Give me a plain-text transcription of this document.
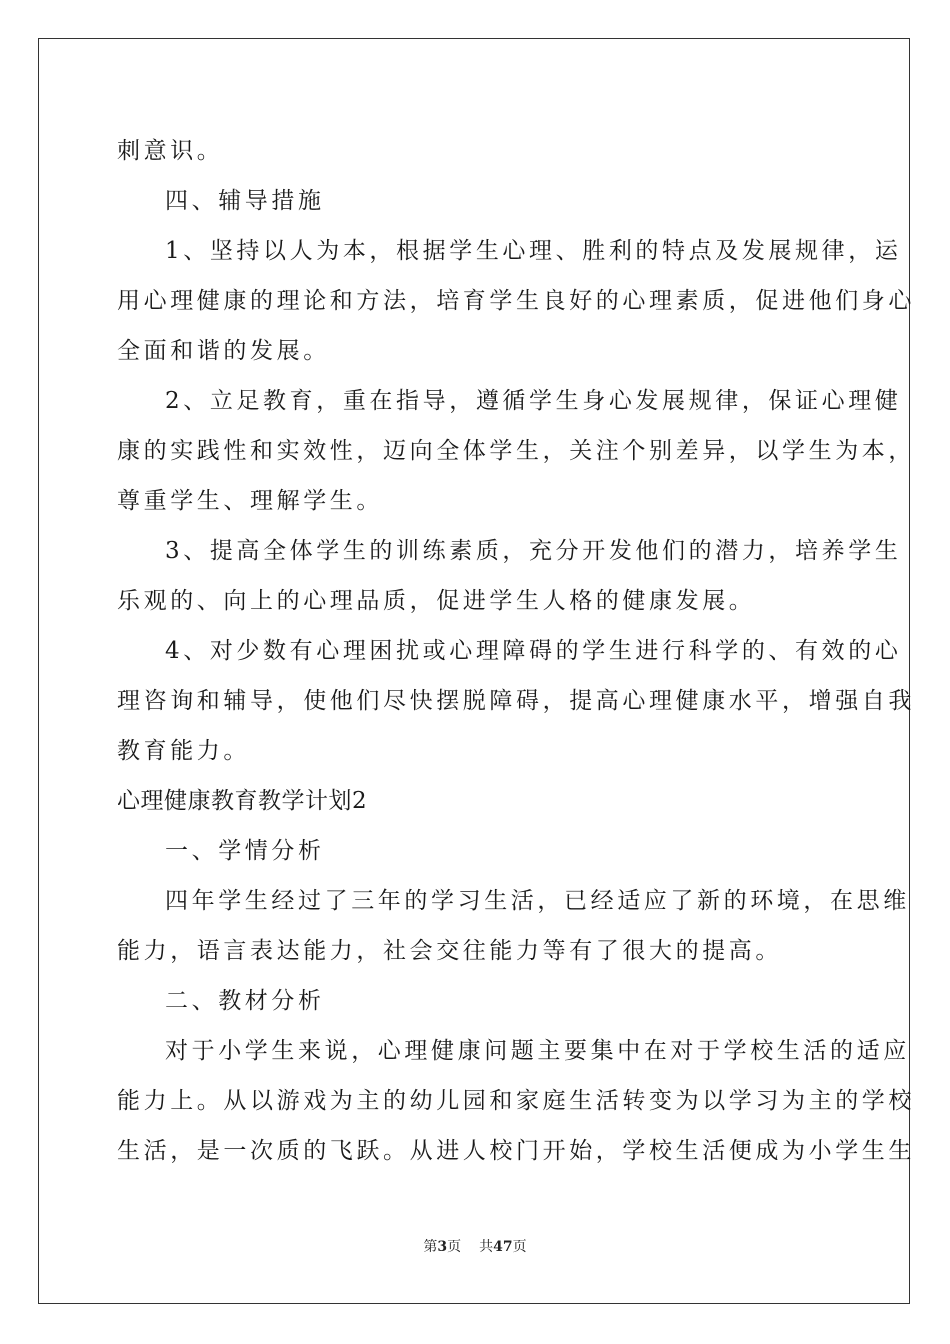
刺意识。
四、辅导措施
1、坚持以人为本，根据学生心理、胜利的特点及发展规律，运
用心理健康的理论和方法，培育学生良好的心理素质，促进他们身心
全面和谐的发展。
2、立足教育，重在指导，遵循学生身心发展规律，保证心理健
康的实践性和实效性，迈向全体学生，关注个别差异，以学生为本，
尊重学生、理解学生。
3、提高全体学生的训练素质，充分开发他们的潜力，培养学生
乐观的、向上的心理品质，促进学生人格的健康发展。
4、对少数有心理困扰或心理障碍的学生进行科学的、有效的心
理咨询和辅导，使他们尽快摆脱障碍，提高心理健康水平，增强自我
教育能力。
心理健康教育教学计划2
一、学情分析
四年学生经过了三年的学习生活，已经适应了新的环境，在思维
能力，语言表达能力，社会交往能力等有了很大的提高。
二、教材分析
对于小学生来说，心理健康问题主要集中在对于学校生活的适应
能力上。从以游戏为主的幼儿园和家庭生活转变为以学习为主的学校
生活，是一次质的飞跃。从进人校门开始，学校生活便成为小学生生
第3页 共47页
